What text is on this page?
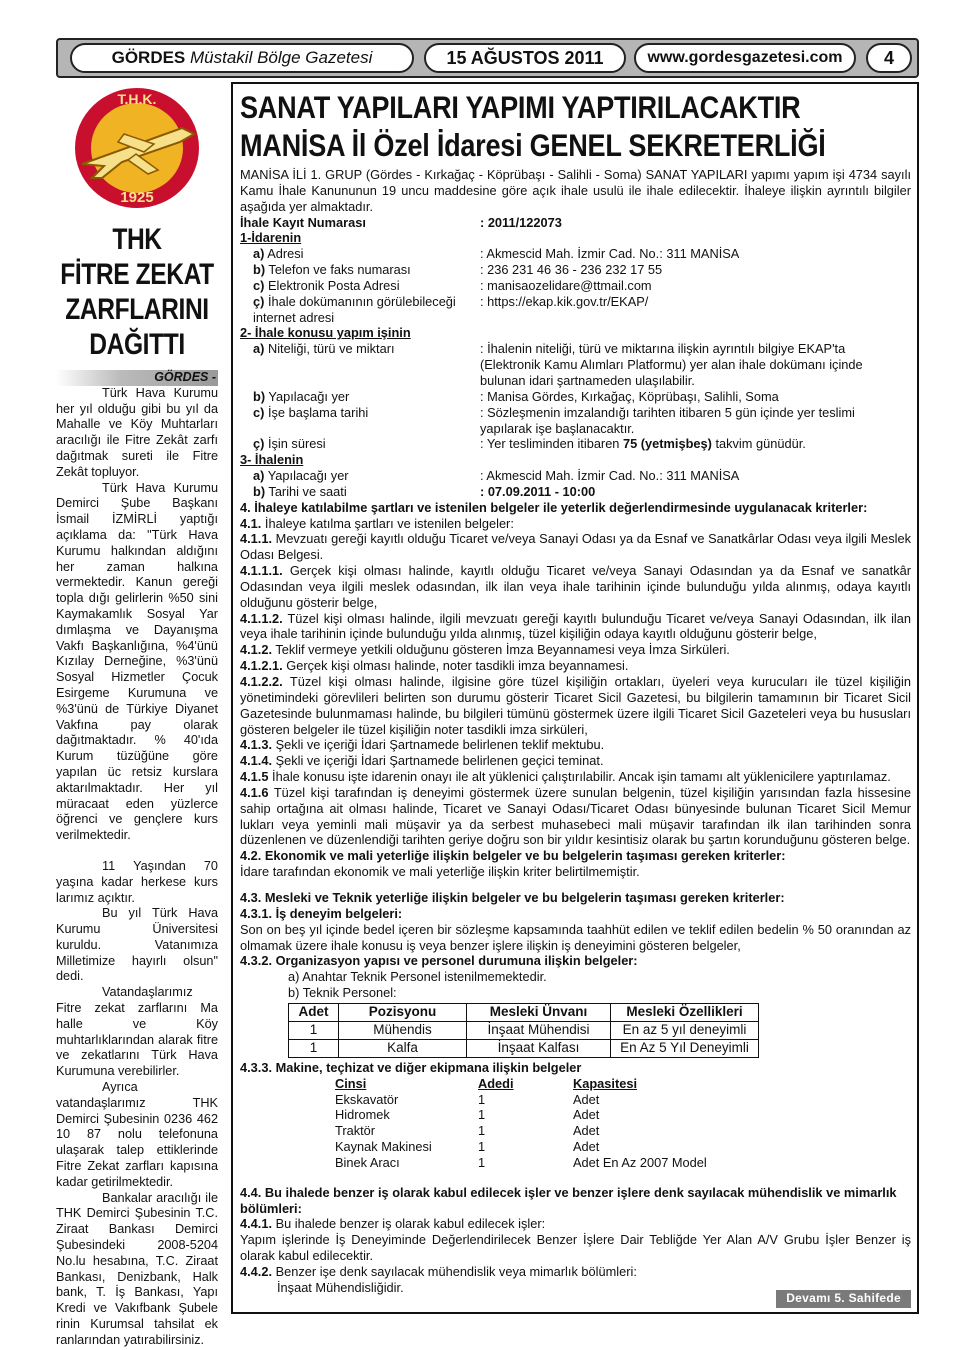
GÖRDES
Müstakil Bölge Gazetesi	15 AĞUSTOS 2011	www.gordesgazetesi.com 4
T.H.K.
1925
THK
FİTRE ZEKAT
ZARFLARINI
DAĞITTI
GÖRDES -

Türk Hava Kurumu her yıl olduğu gibi bu yıl da Mahalle ve Köy Muhtarları aracılığı ile Fitre Zekât zarfı dağıtmak sureti ile Fitre Zekât topluyor.

Türk Hava Kurumu Demirci Şube Başkanı İsmail İZMİRLİ yaptığı açıklama da: "Türk Hava Kurumu halkından aldığını her zaman halkına vermektedir. Kanun gereği topla dığı gelirlerin %50 sini Kaymakamlık Sosyal Yar dımlaşma ve Dayanışma Vakfı Başkanlığına, %4'ünü Kızılay Derneğine, %3'ünü Sosyal Hizmetler Çocuk Esirgeme Kurumuna ve %3'ünü de Türkiye Diyanet Vakfına pay olarak dağıtmaktadır. % 40'ıda Kurum tüzüğüne göre yapılan üc retsiz kurslara aktarılmaktadır. Her yıl müracaat eden yüzlerce öğrenci ve gençlere kurs verilmektedir.

11 Yaşından 70 yaşına kadar herkese kurs larımız açıktır.

Bu yıl Türk Hava Kurumu Üniversitesi kuruldu. Vatanımıza Milletimize hayırlı olsun" dedi.

Vatandaşlarımız Fitre zekat zarflarını Ma halle ve Köy muhtarlıklarından alarak fitre ve zekatlarını Türk Hava Kurumuna verebilirler.

Ayrıca vatandaşlarımız THK Demirci Şubesinin 0236 462 10 87 nolu telefonuna ulaşarak talep ettiklerinde Fitre Zekat zarfları kapısına kadar getirilmektedir.

Bankalar aracılığı ile THK Demirci Şubesinin T.C. Ziraat Bankası Demirci Şubesindeki 2008-5204 No.lu hesabına, T.C. Ziraat Bankası, Denizbank, Halk bank, T. İş Bankası, Yapı Kredi ve Vakıfbank Şubele rinin Kurumsal tahsilat ek ranlarından yatırabilirsiniz.

SANAT YAPILARI YAPIMI YAPTIRILACAKTIR
MANİSA İl Özel İdaresi GENEL SEKRETERLİĞİ
MANİSA İLİ 1. GRUP (Gördes - Kırkağaç - Köprübaşı - Salihli - Soma) SANAT YAPILARI yapımı yapım işi 4734 sayılı Kamu İhale Kanununun 19 uncu maddesine göre açık ihale usulü ile ihale edilecektir. İhaleye ilişkin ayrıntılı bilgiler aşağıda yer almaktadır.
İhale Kayıt Numarası	: 2011/122073
1-İdarenin
a) Adresi	: Akmescid Mah. İzmir Cad. No.: 311 MANİSA
b) Telefon ve faks numarası	: 236 231 46 36 - 236 232 17 55
c) Elektronik Posta Adresi	: manisaozelidare@ttmail.com
ç) İhale dokümanının görülebileceği internet adresi
: https://ekap.kik.gov.tr/EKAP/
2- İhale konusu yapım işinin
a) Niteliği, türü ve miktarı	: İhalenin niteliği, türü ve miktarına ilişkin ayrıntılı bilgiye EKAP'ta (Elektronik Kamu Alımları Platformu) yer alan ihale dokümanı içinde bulunan idari şartnameden ulaşılabilir.
b) Yapılacağı yer	: Manisa Gördes, Kırkağaç, Köprübaşı, Salihli, Soma
c) İşe başlama tarihi	: Sözleşmenin imzalandığı tarihten itibaren 5 gün içinde yer teslimi yapılarak işe başlanacaktır.
ç) İşin süresi	: Yer tesliminden itibaren 75 (yetmişbeş) takvim günüdür.
3- İhalenin
a) Yapılacağı yer	: Akmescid Mah. İzmir Cad. No.: 311 MANİSA
b) Tarihi ve saati	: 07.09.2011 - 10:00
4. İhaleye katılabilme şartları ve istenilen belgeler ile yeterlik değerlendirmesinde uygulanacak kriterler:
4.1. İhaleye katılma şartları ve istenilen belgeler:
4.1.1. Mevzuatı gereği kayıtlı olduğu Ticaret ve/veya Sanayi Odası ya da Esnaf ve Sanatkârlar Odası veya ilgili Meslek Odası Belgesi.
4.1.1.1. Gerçek kişi olması halinde, kayıtlı olduğu Ticaret ve/veya Sanayi Odasından ya da Esnaf ve sanatkâr Odasından veya ilgili meslek odasından, ilk ilan veya ihale tarihinin içinde bulunduğu yılda alınmış, odaya kayıtlı olduğunu gösterir belge,
4.1.1.2. Tüzel kişi olması halinde, ilgili mevzuatı gereği kayıtlı bulunduğu Ticaret ve/veya Sanayi Odasından, ilk ilan veya ihale tarihinin içinde bulunduğu yılda alınmış, tüzel kişiliğin odaya kayıtlı olduğunu gösterir belge,
4.1.2. Teklif vermeye yetkili olduğunu gösteren İmza Beyannamesi veya İmza Sirküleri.
4.1.2.1. Gerçek kişi olması halinde, noter tasdikli imza beyannamesi.
4.1.2.2. Tüzel kişi olması halinde, ilgisine göre tüzel kişiliğin ortakları, üyeleri veya kurucuları ile tüzel kişiliğin yönetimindeki görevlileri belirten son durumu gösterir Ticaret Sicil Gazetesi, bu bilgilerin tamamının bir Ticaret Sicil Gazetesinde bulunmaması halinde, bu bilgileri tümünü göstermek üzere ilgili Ticaret Sicil Gazeteleri veya bu hususları gösteren belgeler ile tüzel kişiliğin noter tasdikli imza sirküleri,
4.1.3. Şekli ve içeriği İdari Şartnamede belirlenen teklif mektubu.
4.1.4. Şekli ve içeriği İdari Şartnamede belirlenen geçici teminat.
4.1.5 İhale konusu işte idarenin onayı ile alt yüklenici çalıştırılabilir. Ancak işin tamamı alt yüklenicilere yaptırılamaz.
4.1.6 Tüzel kişi tarafından iş deneyimi göstermek üzere sunulan belgenin, tüzel kişiliğin yarısından fazla hissesine sahip ortağına ait olması halinde, Ticaret ve Sanayi Odası/Ticaret Odası bünyesinde bulunan Ticaret Sicil Memur lukları veya yeminli mali müşavir ya da serbest muhasebeci mali müşavir tarafından ilk ilan tarihinden sonra düzenlenen ve düzenlendiği tarihten geriye doğru son bir yıldır kesintisiz olarak bu şartın korunduğunu gösteren belge.
4.2. Ekonomik ve mali yeterliğe ilişkin belgeler ve bu belgelerin taşıması gereken kriterler:
İdare tarafından ekonomik ve mali yeterliğe ilişkin kriter belirtilmemiştir.
4.3. Mesleki ve Teknik yeterliğe ilişkin belgeler ve bu belgelerin taşıması gereken kriterler:
4.3.1. İş deneyim belgeleri:
Son on beş yıl içinde bedel içeren bir sözleşme kapsamında taahhüt edilen ve teklif edilen bedelin % 50 oranından az olmamak üzere ihale konusu iş veya benzer işlere ilişkin iş deneyimini gösteren belgeler,
4.3.2. Organizasyon yapısı ve personel durumuna ilişkin belgeler:
a) Anahtar Teknik Personel istenilmemektedir.
b) Teknik Personel:
Adet	Pozisyonu	Mesleki Ünvanı	Mesleki Özellikleri
1	Mühendis	İnşaat Mühendisi	En az 5 yıl deneyimli
1	Kalfa	İnşaat Kalfası	En Az 5 Yıl Deneyimli
4.3.3. Makine, teçhizat ve diğer ekipmana ilişkin belgeler
Cinsi	Adedi	Kapasitesi
Ekskavatör	1	Adet
Hidromek	1	Adet
Traktör	1	Adet
Kaynak Makinesi	1	Adet
Binek Aracı	1	Adet En Az 2007 Model
4.4. Bu ihalede benzer iş olarak kabul edilecek işler ve benzer işlere denk sayılacak mühendislik ve mimarlık bölümleri:
4.4.1. Bu ihalede benzer iş olarak kabul edilecek işler:
Yapım işlerinde İş Deneyiminde Değerlendirilecek Benzer İşlere Dair Tebliğde Yer Alan A/V Grubu İşler Benzer iş olarak kabul edilecektir.
4.4.2. Benzer işe denk sayılacak mühendislik veya mimarlık bölümleri:
İnşaat Mühendisliğidir.
Devamı 5. Sahifede
